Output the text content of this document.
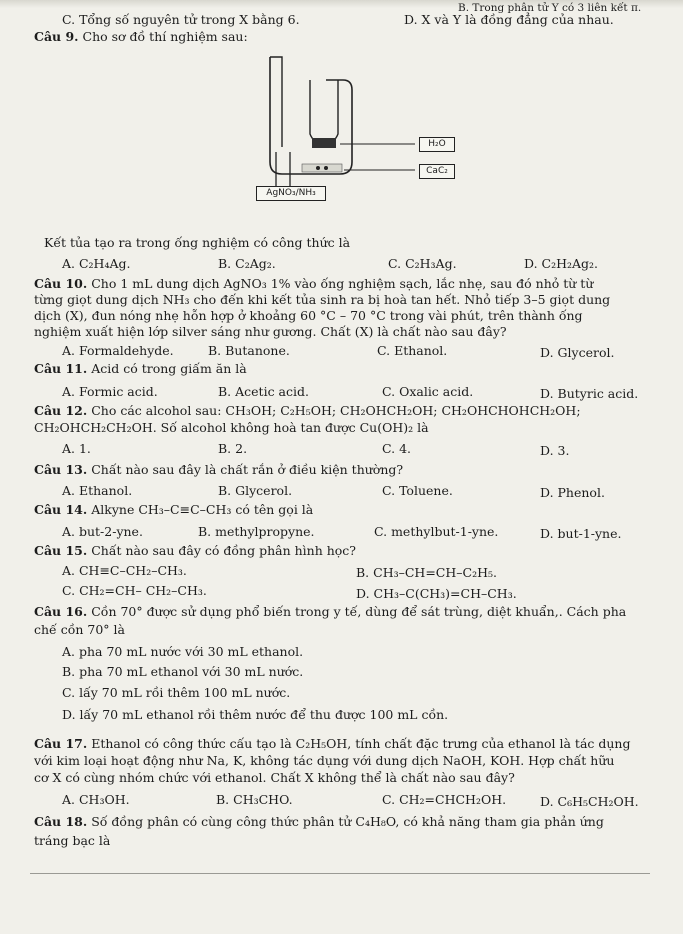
B. Trong phân tử Y có 3 liên kết π.
C. Tổng số nguyên tử trong X bằng 6.	D. X và Y là đồng đẳng của nhau.
Câu 9. Cho sơ đồ thí nghiệm sau:
H₂O
CaC₂
AgNO₃/NH₃
Kết tủa tạo ra trong ống nghiệm có công thức là
A. C₂H₄Ag.	B. C₂Ag₂.	C. C₂H₃Ag.	D. C₂H₂Ag₂.
Câu 10. Cho 1 mL dung dịch AgNO₃ 1% vào ống nghiệm sạch, lắc nhẹ, sau đó nhỏ từ từ
từng giọt dung dịch NH₃ cho đến khi kết tủa sinh ra bị hoà tan hết. Nhỏ tiếp 3–5 giọt dung
dịch (X), đun nóng nhẹ hỗn hợp ở khoảng 60 °C – 70 °C trong vài phút, trên thành ống
nghiệm xuất hiện lớp silver sáng như gương. Chất (X) là chất nào sau đây?
A. Formaldehyde.	B. Butanone.	C. Ethanol.	D. Glycerol.
Câu 11. Acid có trong giấm ăn là
A. Formic acid.	B. Acetic acid.	C. Oxalic acid.	D. Butyric acid.
Câu 12. Cho các alcohol sau: CH₃OH; C₂H₅OH; CH₂OHCH₂OH; CH₂OHCHOHCH₂OH;
CH₂OHCH₂CH₂OH. Số alcohol không hoà tan được Cu(OH)₂ là
A. 1.	B. 2.	C. 4.	D. 3.
Câu 13. Chất nào sau đây là chất rắn ở điều kiện thường?
A. Ethanol.	B. Glycerol.	C. Toluene.	D. Phenol.
Câu 14. Alkyne CH₃–C≡C–CH₃ có tên gọi là
A. but-2-yne.	B. methylpropyne.	C. methylbut-1-yne.	D. but-1-yne.
Câu 15. Chất nào sau đây có đồng phân hình học?
A. CH≡C–CH₂–CH₃.	B. CH₃–CH=CH–C₂H₅.
C. CH₂=CH– CH₂–CH₃.	D. CH₃–C(CH₃)=CH–CH₃.
Câu 16. Cồn 70° được sử dụng phổ biến trong y tế, dùng để sát trùng, diệt khuẩn,. Cách pha
chế cồn 70° là
A. pha 70 mL nước với 30 mL ethanol.
B. pha 70 mL ethanol với 30 mL nước.
C. lấy 70 mL rồi thêm 100 mL nước.
D. lấy 70 mL ethanol rồi thêm nước để thu được 100 mL cồn.
Câu 17. Ethanol có công thức cấu tạo là C₂H₅OH, tính chất đặc trưng của ethanol là tác dụng
với kim loại hoạt động như Na, K, không tác dụng với dung dịch NaOH, KOH. Hợp chất hữu
cơ X có cùng nhóm chức với ethanol. Chất X không thể là chất nào sau đây?
A. CH₃OH.	B. CH₃CHO.	C. CH₂=CHCH₂OH.	D. C₆H₅CH₂OH.
Câu 18. Số đồng phân có cùng công thức phân tử C₄H₈O, có khả năng tham gia phản ứng
tráng bạc là
